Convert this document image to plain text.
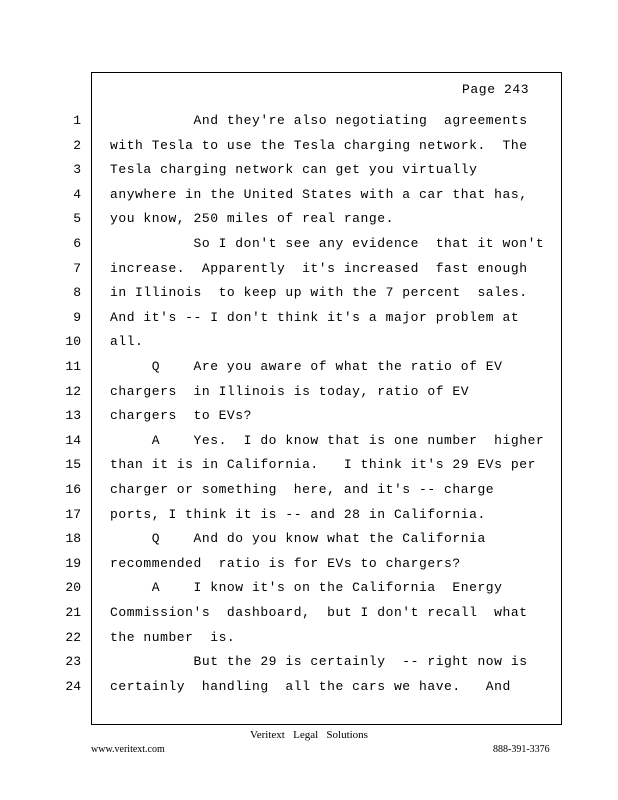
Page 243
1 And they're also negotiating  agreements
2 with Tesla to use the Tesla charging network.  The
3 Tesla charging network can get you virtually
4 anywhere in the United States with a car that has,
5 you know, 250 miles of real range.
6 So I don't see any evidence  that it won't
7 increase.  Apparently  it's increased  fast enough
8 in Illinois  to keep up with the 7 percent  sales.
9 And it's -- I don't think it's a major problem at
10 all.
11 Q    Are you aware of what the ratio of EV
12 chargers  in Illinois is today, ratio of EV
13 chargers  to EVs?
14 A    Yes.  I do know that is one number  higher
15 than it is in California.   I think it's 29 EVs per
16 charger or something  here, and it's -- charge
17 ports, I think it is -- and 28 in California.
18 Q    And do you know what the California
19 recommended  ratio is for EVs to chargers?
20 A    I know it's on the California  Energy
21 Commission's  dashboard,  but I don't recall  what
22 the number  is.
23 But the 29 is certainly  -- right now is
24 certainly  handling  all the cars we have.   And
Veritext   Legal   Solutions
www.veritext.com	888-391-3376
